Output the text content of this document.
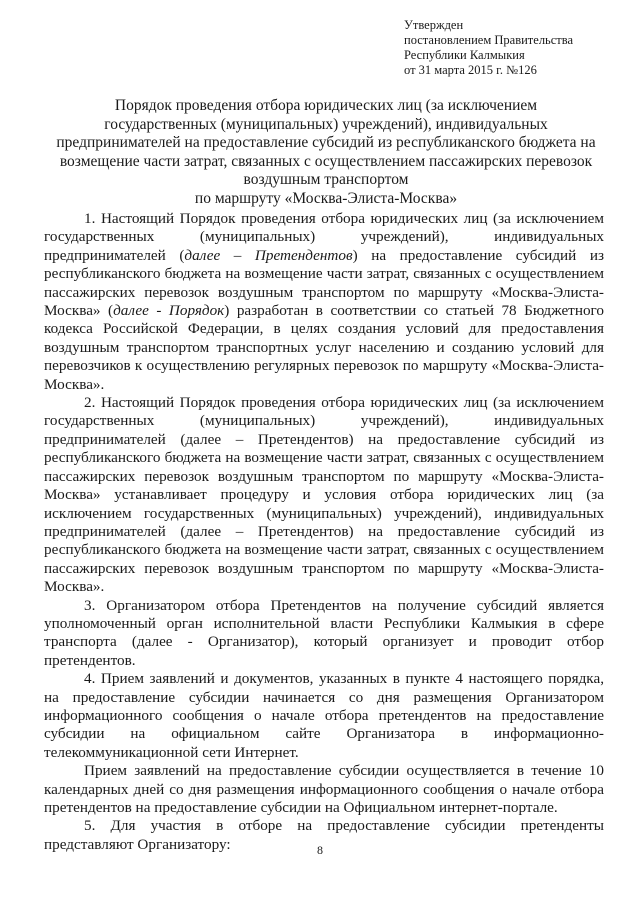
Утвержден
постановлением Правительства
Республики Калмыкия
от 31 марта 2015 г. №126
Порядок проведения отбора юридических лиц (за исключением
государственных (муниципальных) учреждений), индивидуальных
предпринимателей на предоставление субсидий из республиканского бюджета на
возмещение части затрат, связанных с осуществлением пассажирских перевозок
воздушным транспортом
по маршруту «Москва-Элиста-Москва»

1. Настоящий Порядок проведения отбора юридических лиц (за исключением государственных (муниципальных) учреждений), индивидуальных предпринимателей (далее – Претендентов) на предоставление субсидий из республиканского бюджета на возмещение части затрат, связанных с осуществлением пассажирских перевозок воздушным транспортом по маршруту «Москва-Элиста-Москва» (далее - Порядок) разработан в соответствии со статьей 78 Бюджетного кодекса Российской Федерации, в целях создания условий для предоставления воздушным транспортом транспортных услуг населению и созданию условий для перевозчиков к осуществлению регулярных перевозок по маршруту «Москва-Элиста-Москва».

2. Настоящий Порядок проведения отбора юридических лиц (за исключением государственных (муниципальных) учреждений), индивидуальных предпринимателей (далее – Претендентов) на предоставление субсидий из республиканского бюджета на возмещение части затрат, связанных с осуществлением пассажирских перевозок воздушным транспортом по маршруту «Москва-Элиста-Москва» устанавливает процедуру и условия отбора юридических лиц (за исключением государственных (муниципальных) учреждений), индивидуальных предпринимателей (далее – Претендентов) на предоставление субсидий из республиканского бюджета на возмещение части затрат, связанных с осуществлением пассажирских перевозок воздушным транспортом по маршруту «Москва-Элиста-Москва».

3. Организатором отбора Претендентов на получение субсидий является уполномоченный орган исполнительной власти Республики Калмыкия в сфере транспорта (далее - Организатор), который организует и проводит отбор претендентов.

4. Прием заявлений и документов, указанных в пункте 4 настоящего порядка, на предоставление субсидии начинается со дня размещения Организатором информационного сообщения о начале отбора претендентов на предоставление субсидии на официальном сайте Организатора в информационно-телекоммуникационной сети Интернет.

Прием заявлений на предоставление субсидии осуществляется в течение 10 календарных дней со дня размещения информационного сообщения о начале отбора претендентов на предоставление субсидии на Официальном интернет-портале.

5. Для участия в отборе на предоставление субсидии претенденты представляют Организатору:	8
